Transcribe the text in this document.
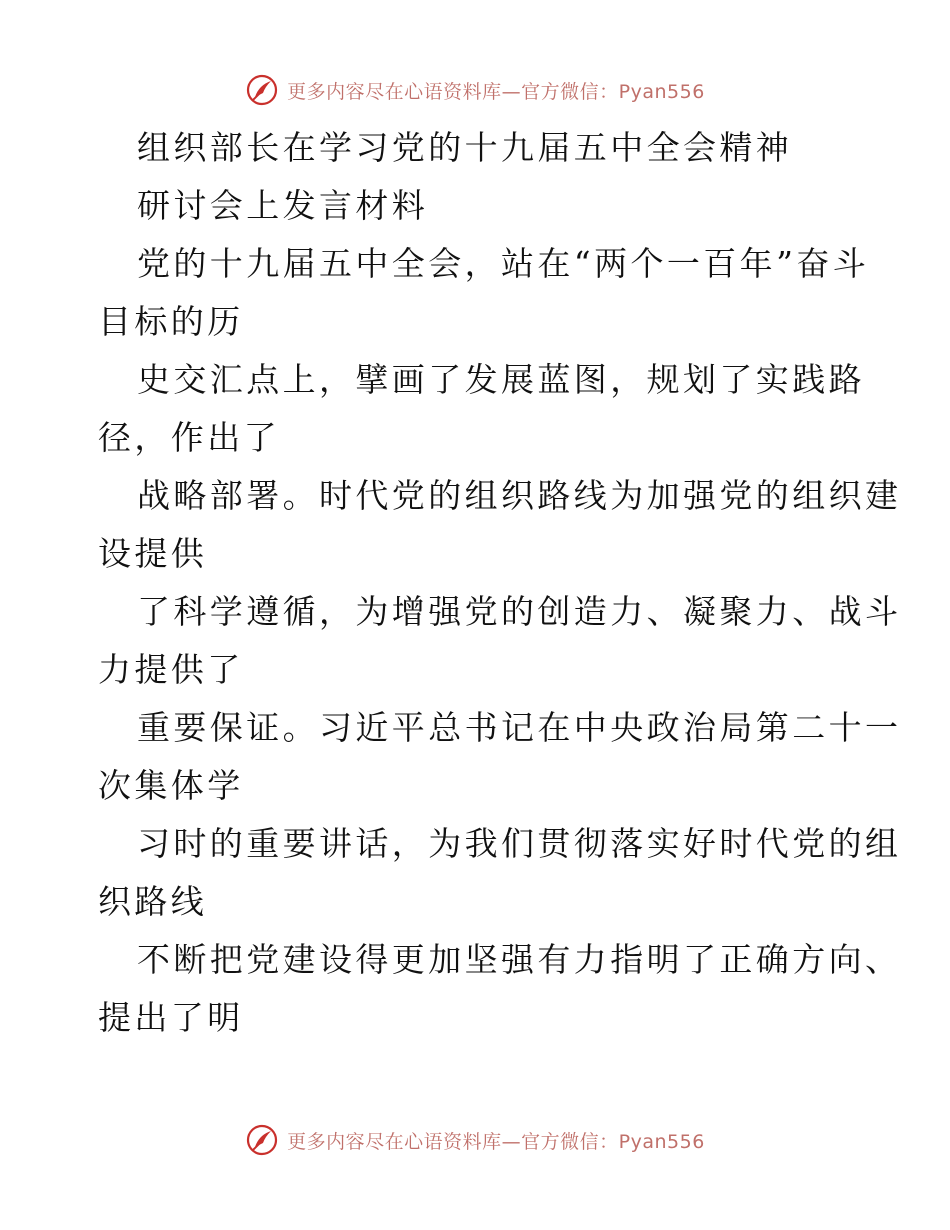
更多内容尽在心语资料库—官方微信：Pyan556
组织部长在学习党的十九届五中全会精神
研讨会上发言材料
党的十九届五中全会，站在“两个一百年”奋斗
目标的历
史交汇点上，擘画了发展蓝图，规划了实践路
径，作出了
战略部署。时代党的组织路线为加强党的组织建
设提供
了科学遵循，为增强党的创造力、凝聚力、战斗
力提供了
重要保证。习近平总书记在中央政治局第二十一
次集体学
习时的重要讲话，为我们贯彻落实好时代党的组
织路线
不断把党建设得更加坚强有力指明了正确方向、
提出了明
更多内容尽在心语资料库—官方微信：Pyan556
